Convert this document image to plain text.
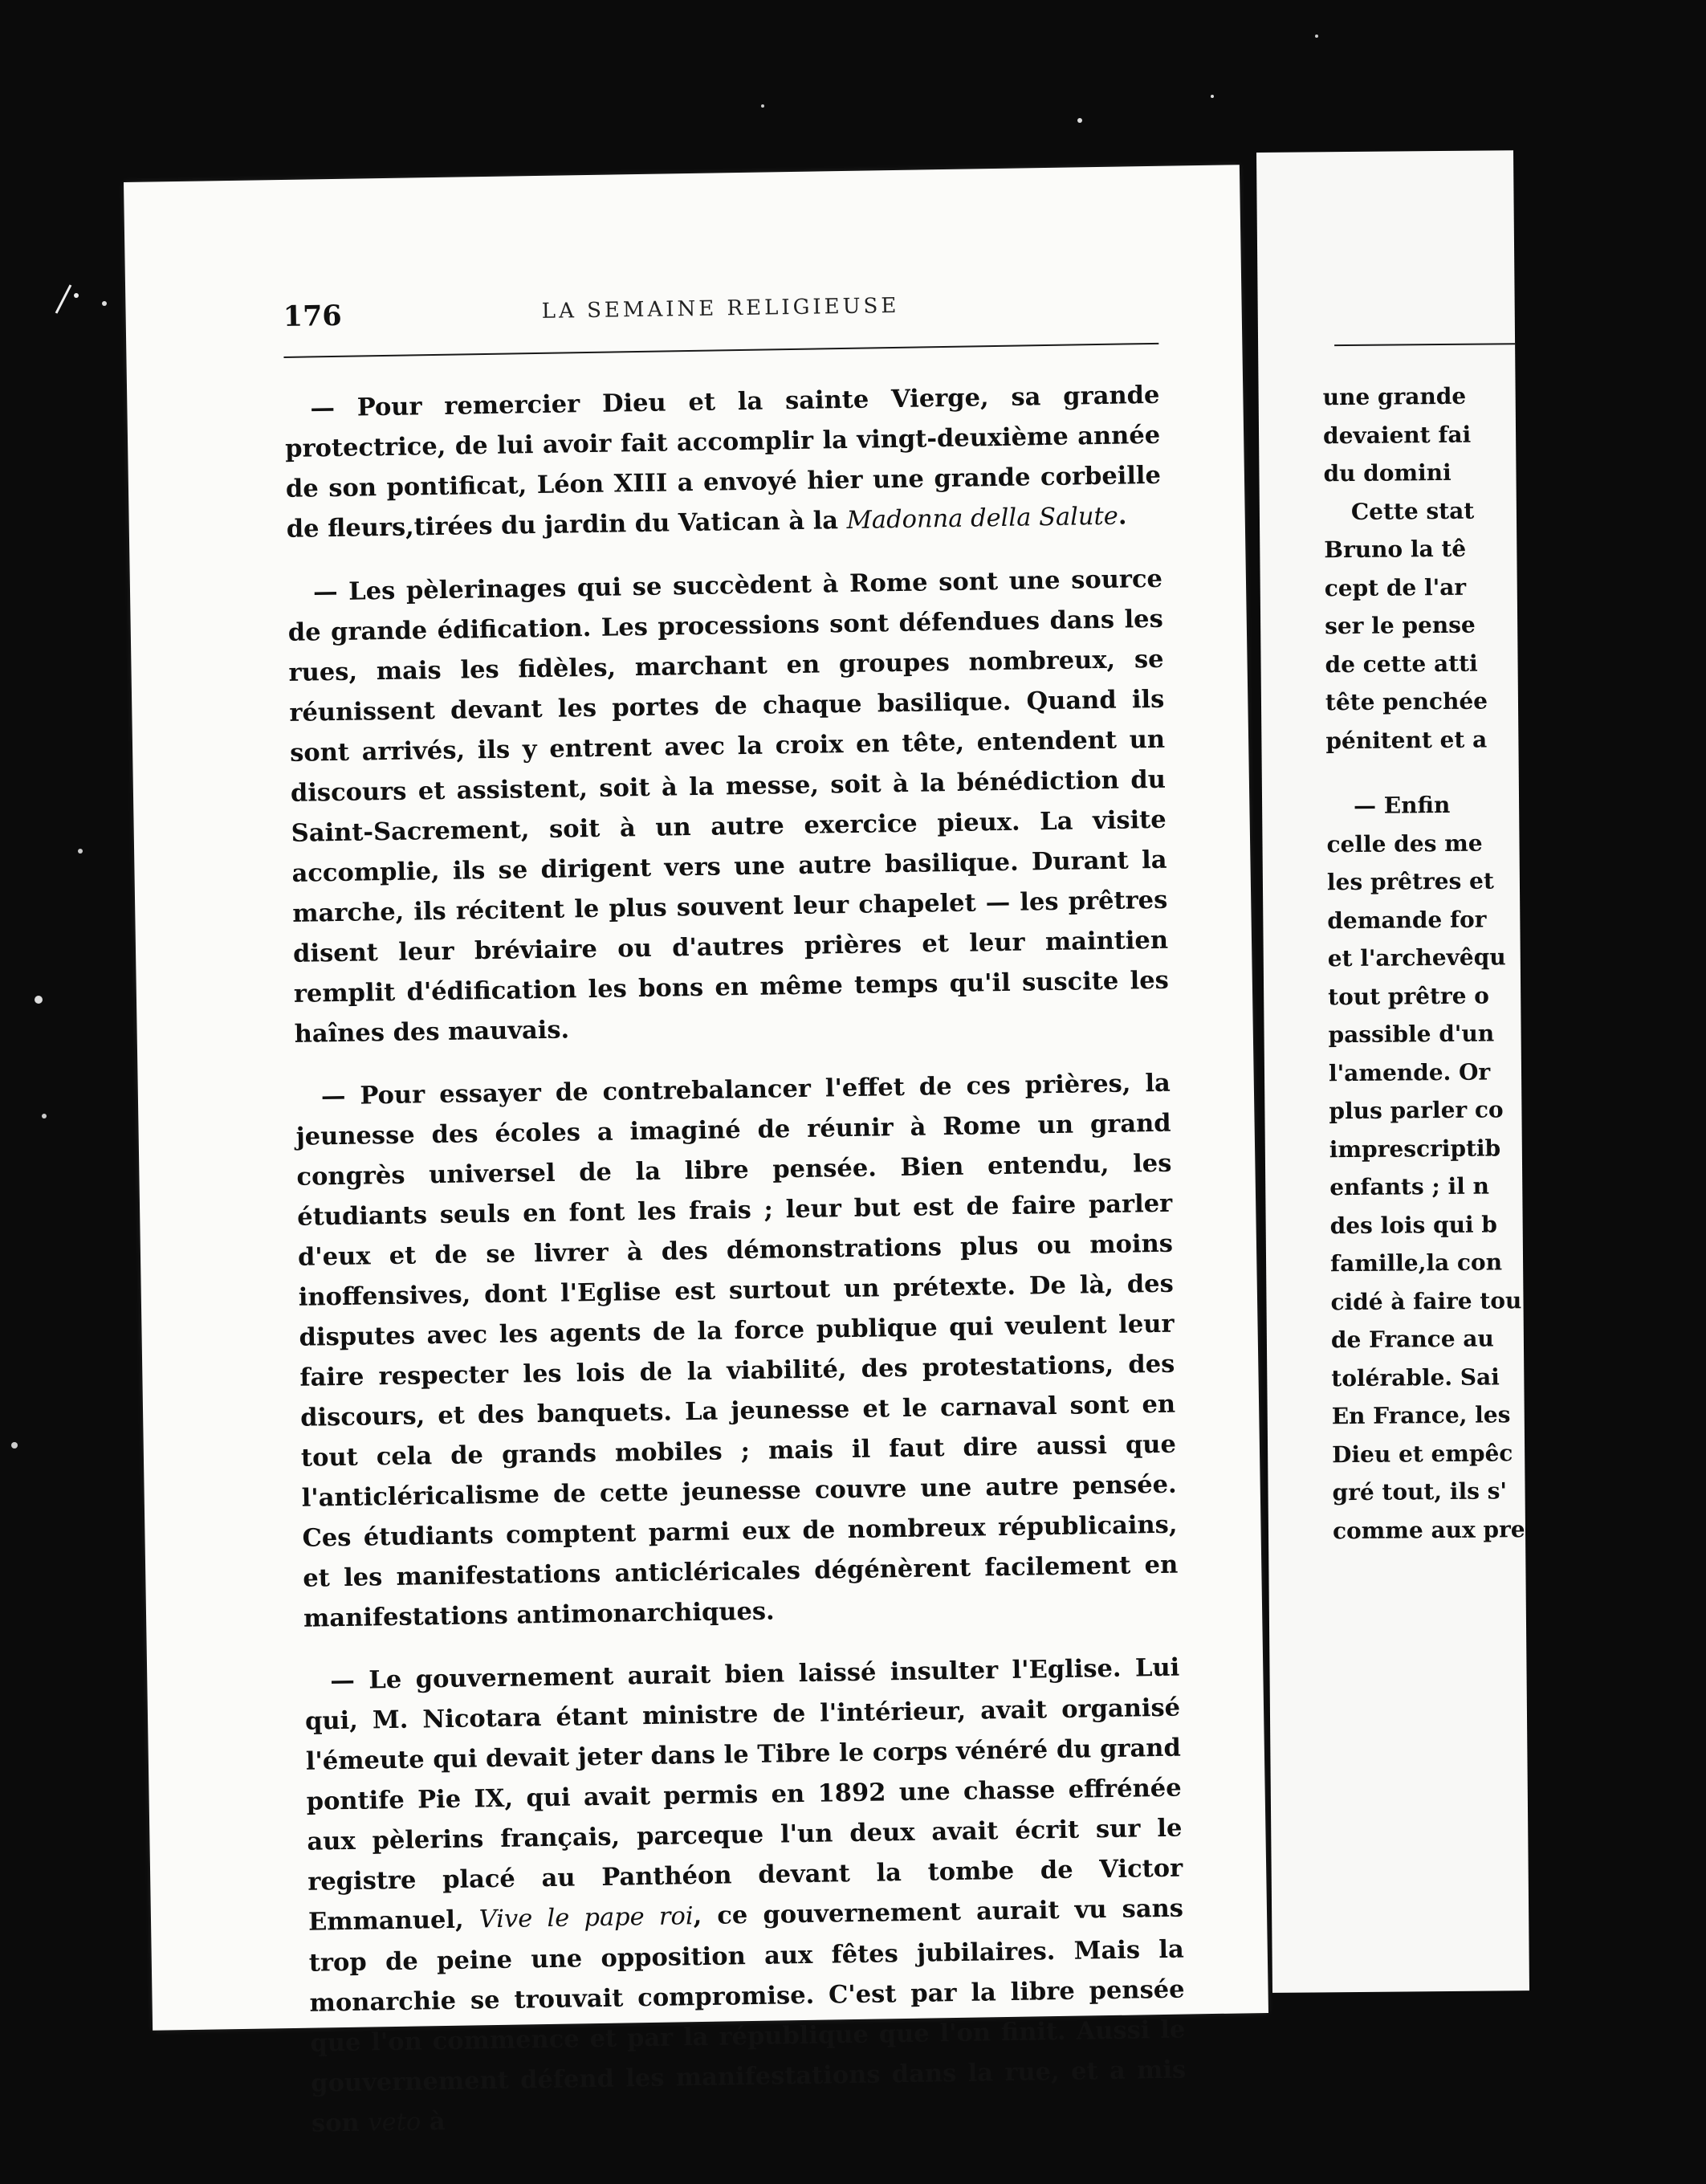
176	LA SEMAINE RELIGIEUSE

— Pour remercier Dieu et la sainte Vierge, sa grande protectrice, de lui avoir fait accomplir la vingt-deuxième année de son pontificat, Léon XIII a envoyé hier une grande corbeille de fleurs,tirées du jardin du Vatican à la Madonna della Salute.

— Les pèlerinages qui se succèdent à Rome sont une source de grande édification. Les processions sont défendues dans les rues, mais les fidèles, marchant en groupes nombreux, se réunissent devant les portes de chaque basilique. Quand ils sont arrivés, ils y entrent avec la croix en tête, entendent un discours et assistent, soit à la messe, soit à la bénédiction du Saint-Sacrement, soit à un autre exercice pieux. La visite accomplie, ils se dirigent vers une autre basilique. Durant la marche, ils récitent le plus souvent leur chapelet — les prêtres disent leur bréviaire ou d'autres prières et leur maintien remplit d'édification les bons en même temps qu'il suscite les haînes des mauvais.

— Pour essayer de contrebalancer l'effet de ces prières, la jeunesse des écoles a imaginé de réunir à Rome un grand congrès universel de la libre pensée. Bien entendu, les étudiants seuls en font les frais ; leur but est de faire parler d'eux et de se livrer à des démonstrations plus ou moins inoffensives, dont l'Eglise est surtout un prétexte. De là, des disputes avec les agents de la force publique qui veulent leur faire respecter les lois de la viabilité, des protestations, des discours, et des banquets. La jeunesse et le carnaval sont en tout cela de grands mobiles ; mais il faut dire aussi que l'anticléricalisme de cette jeunesse couvre une autre pensée. Ces étudiants comptent parmi eux de nombreux républicains, et les manifestations anticléricales dégénèrent facilement en manifestations antimonarchiques.

— Le gouvernement aurait bien laissé insulter l'Eglise. Lui qui, M. Nicotara étant ministre de l'intérieur, avait organisé l'émeute qui devait jeter dans le Tibre le corps vénéré du grand pontife Pie IX, qui avait permis en 1892 une chasse effrénée aux pèlerins français, parceque l'un deux avait écrit sur le registre placé au Panthéon devant la tombe de Victor Emmanuel, Vive le pape roi, ce gouvernement aurait vu sans trop de peine une opposition aux fêtes jubilaires. Mais la monarchie se trouvait compromise. C'est par la libre pensée que l'on commence et par la république que l'on finit. Aussi le gouvernement défend les manifestations dans la rue, et a mis son veto à

une grande
devaient fai
du domini
Cette stat
Bruno la tê
cept de l'ar
ser le pense
de cette atti
tête penchée
pénitent et a
— Enfin
celle des me
les prêtres et
demande for
et l'archevêqu
tout prêtre o
passible d'un
l'amende. Or
plus parler co
imprescriptib
enfants ; il n
des lois qui b
famille,la con
cidé à faire tou
de France au
tolérable. Sai
En France, les
Dieu et empêc
gré tout, ils s'
comme aux pre
